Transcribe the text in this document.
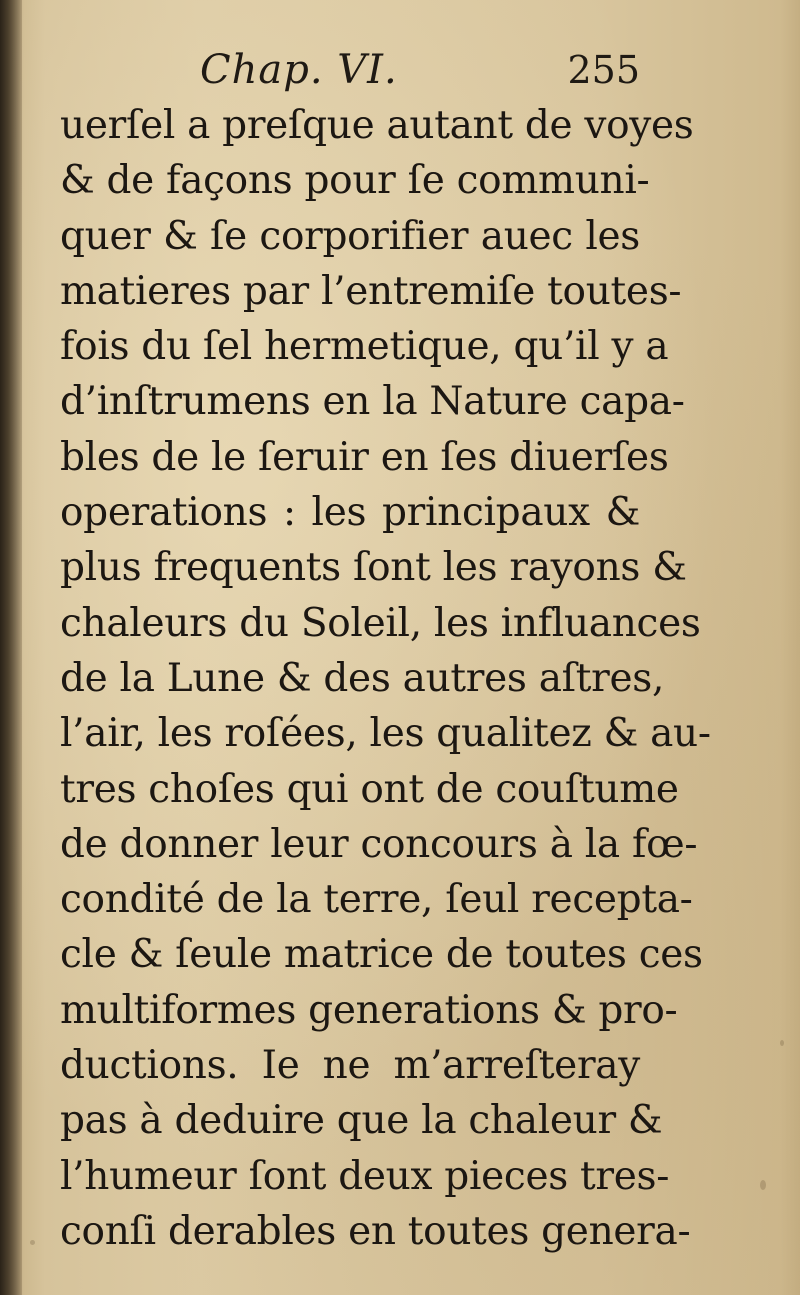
Chap. VI.	255
uerſel a preſque autant de voyes
& de façons pour ſe communi-
quer & ſe corporifier auec les
matieres par l’entremiſe toutes-
fois du ſel hermetique, qu’il y a
d’inſtrumens en la Nature capa-
bles de le ſeruir en ſes diuerſes
operations : les principaux &
plus frequents ſont les rayons &
chaleurs du Soleil, les influances
de la Lune & des autres aſtres,
l’air, les roſées, les qualitez & au-
tres choſes qui ont de couſtume
de donner leur concours à la fœ-
condité de la terre, ſeul recepta-
cle & ſeule matrice de toutes ces
multiformes generations & pro-
ductions. Ie ne m’arreſteray
pas à deduire que la chaleur &
l’humeur ſont deux pieces tres-
conſi derables en toutes genera-
